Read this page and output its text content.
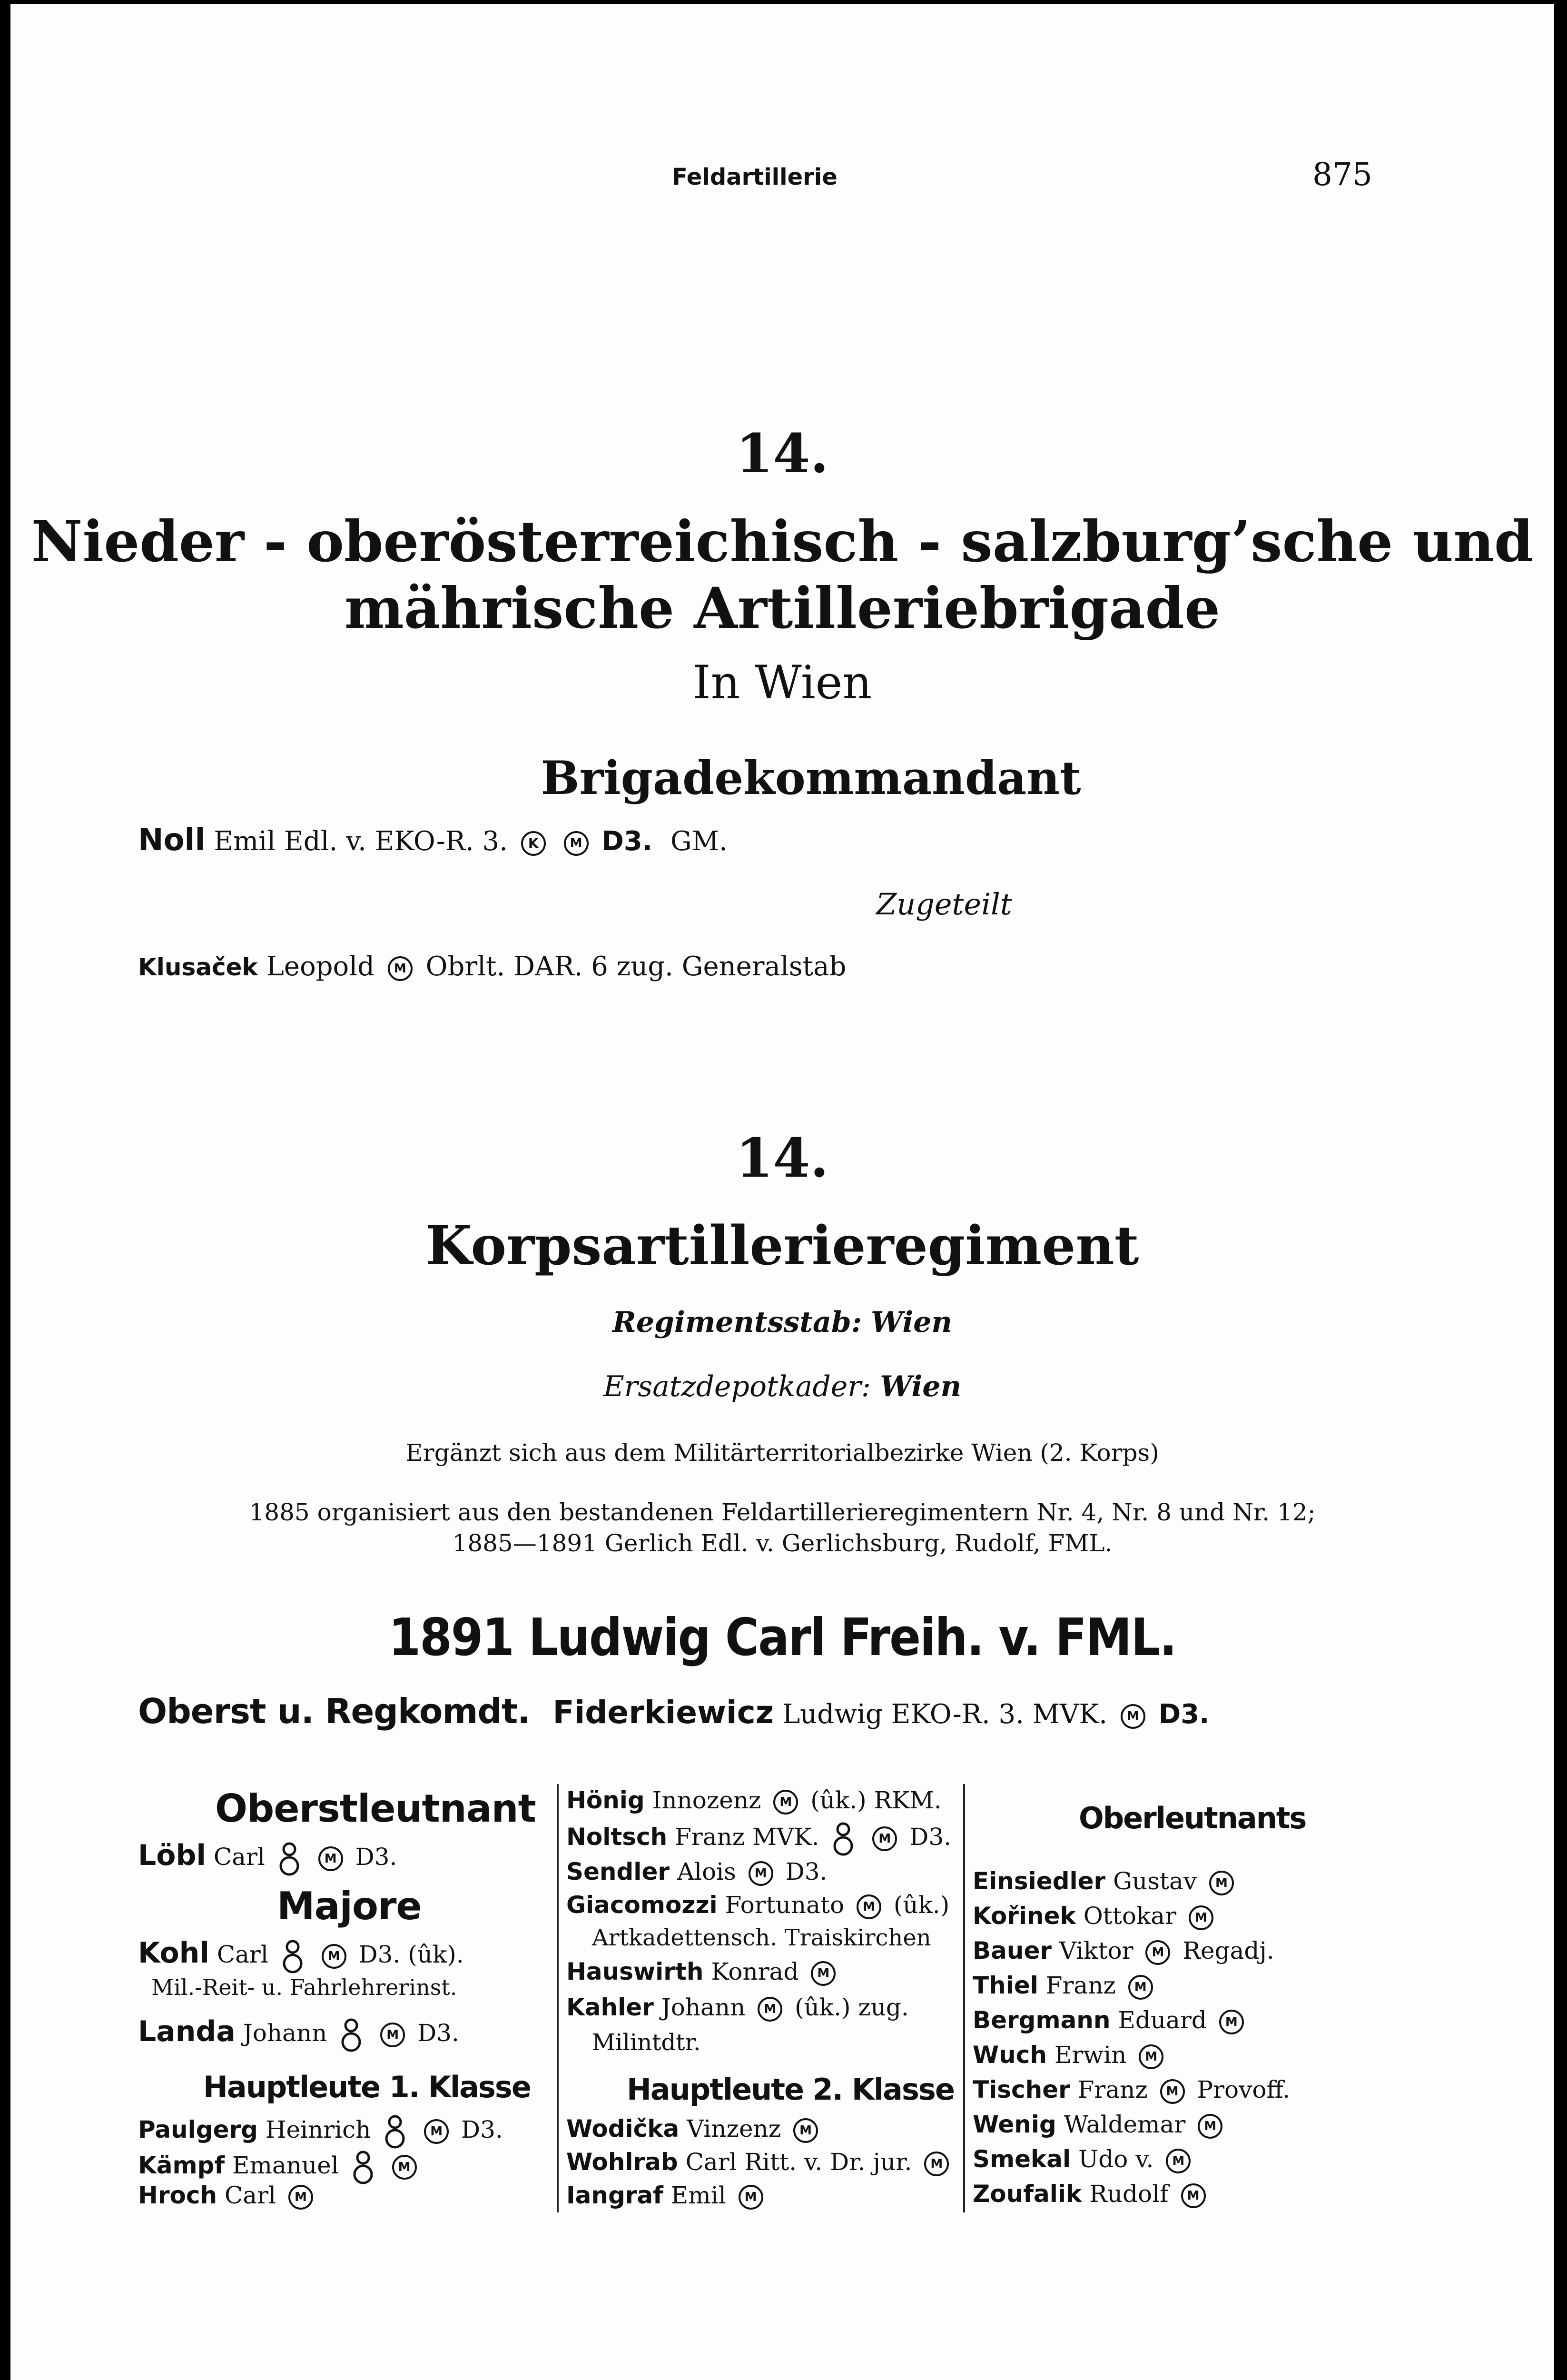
Feldartillerie	875
14.
Nieder - oberösterreichisch - salzburg’sche und
mährische Artilleriebrigade
In Wien
Brigadekommandant
Noll Emil Edl. v. EKO-R. 3. K	M D3. GM.
Zugeteilt
Klusaček Leopold M Obrlt. DAR. 6 zug. Generalstab
14.
Korpsartillerieregiment
Regimentsstab: Wien
Ersatzdepotkader: Wien
Ergänzt sich aus dem Militärterritorialbezirke Wien (2. Korps)
1885 organisiert aus den bestandenen Feldartillerieregimentern Nr. 4, Nr. 8 und Nr. 12;
1885—1891 Gerlich Edl. v. Gerlichsburg, Rudolf, FML.
1891 Ludwig Carl Freih. v. FML.
Oberst u. Regkomdt. Fiderkiewicz Ludwig EKO-R. 3. MVK. M D3.
Oberstleutnant
Löbl Carl	M D3.
Majore
Kohl Carl	M D3. (ûk).
Mil.-Reit- u. Fahrlehrerinst.
Landa Johann	M D3.
Hauptleute 1. Klasse
Paulgerg Heinrich	M D3.
Kämpf Emanuel	M
Hroch Carl M
Hönig Innozenz M (ûk.) RKM.
Noltsch Franz MVK.	M D3.
Sendler Alois M D3.
Giacomozzi Fortunato M (ûk.)
Artkadettensch. Traiskirchen
Hauswirth Konrad M
Kahler Johann M (ûk.) zug.
Milintdtr.
Hauptleute 2. Klasse
Wodička Vinzenz M
Wohlrab Carl Ritt. v. Dr. jur. M
Iangraf Emil M
Oberleutnants
Einsiedler Gustav M
Kořinek Ottokar M
Bauer Viktor M Regadj.
Thiel Franz M
Bergmann Eduard M
Wuch Erwin M
Tischer Franz M Provoff.
Wenig Waldemar M
Smekal Udo v. M
Zoufalik Rudolf M
